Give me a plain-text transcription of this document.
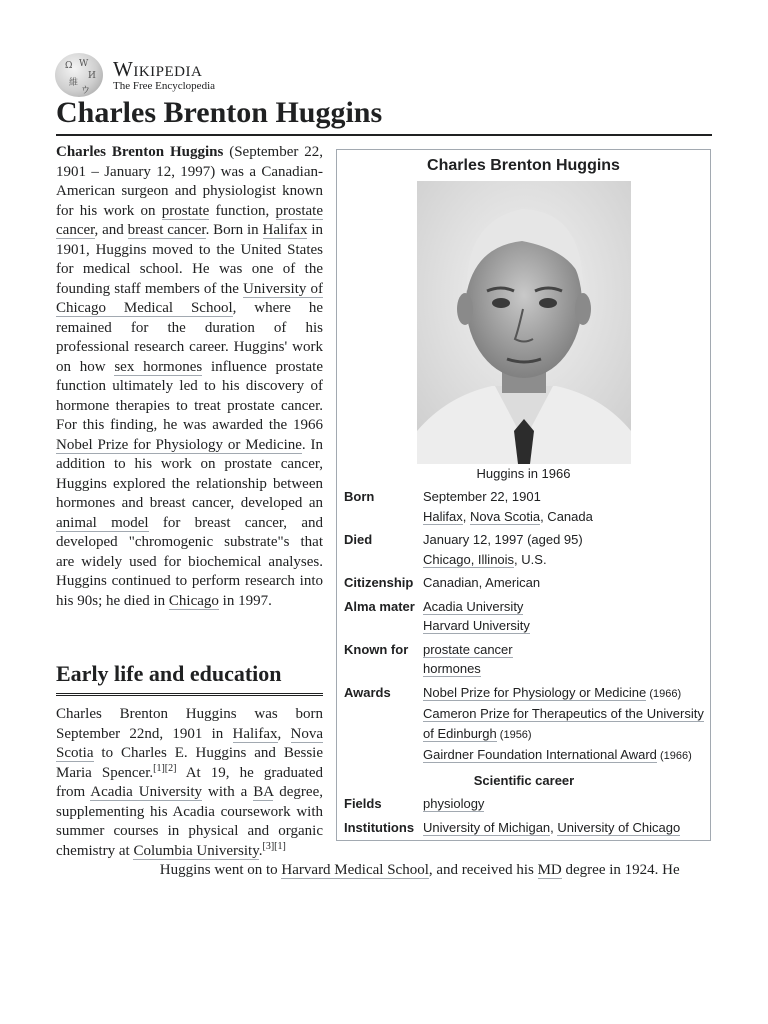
Ω W
И
維
ウ
Wikipedia
The Free Encyclopedia
Charles Brenton Huggins

Charles Brenton Huggins (September 22, 1901 – January 12, 1997) was a Canadian-American surgeon and physiologist known for his work on prostate function, prostate cancer, and breast cancer. Born in Halifax in 1901, Huggins moved to the United States for medical school. He was one of the founding staff members of the University of Chicago Medical School, where he remained for the duration of his professional research career. Huggins' work on how sex hormones influence prostate function ultimately led to his discovery of hormone therapies to treat prostate cancer. For this finding, he was awarded the 1966 Nobel Prize for Physiology or Medicine. In addition to his work on prostate cancer, Huggins explored the relationship between hormones and breast cancer, developed an animal model for breast cancer, and developed "chromogenic substrate"s that are widely used for biochemical analyses. Huggins continued to perform research into his 90s; he died in Chicago in 1997.

Early life and education
Charles Brenton Huggins was born September 22nd, 1901 in Halifax, Nova Scotia to Charles E. Huggins and Bessie Maria Spencer.[1][2] At 19, he graduated from Acadia University with a BA degree, supplementing his Acadia coursework with summer courses in physical and organic chemistry at Columbia University.[3][1]
Huggins went on to Harvard Medical School, and received his MD degree in 1924. He
Charles Brenton Huggins
Huggins in 1966
Born	September 22, 1901
Halifax, Nova Scotia, Canada

Died	January 12, 1997 (aged 95)
Chicago, Illinois, U.S.

Citizenship	Canadian, American
Alma mater	Acadia University
Harvard University

Known for	prostate cancer
hormones

Awards	Nobel Prize for Physiology or Medicine (1966)
Cameron Prize for Therapeutics of the University of Edinburgh (1956)
Gairdner Foundation International Award (1966)

Scientific career	
Fields	physiology
Institutions	University of Michigan, University of Chicago
